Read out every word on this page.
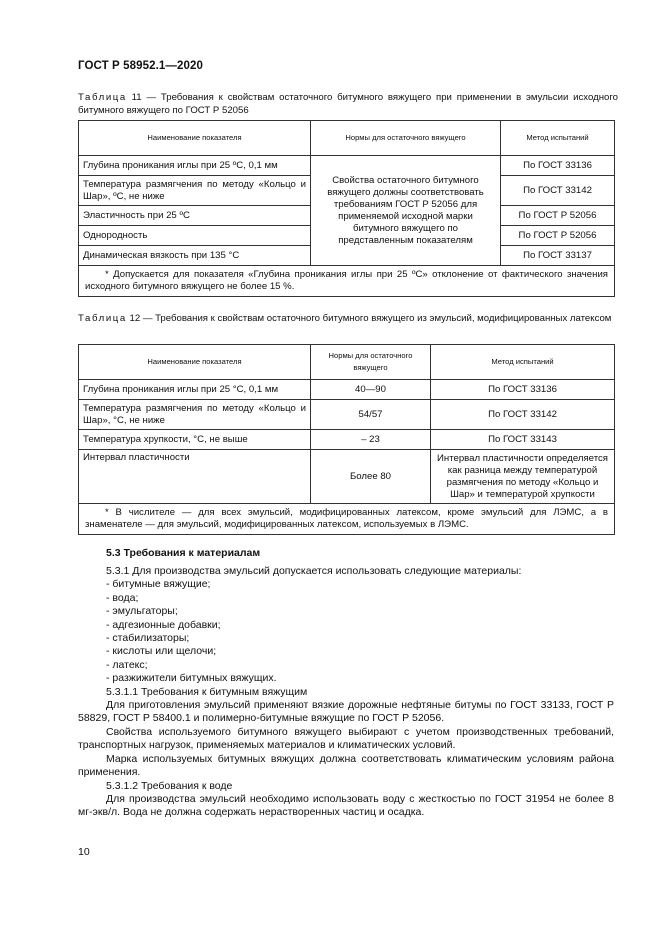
ГОСТ Р 58952.1—2020
Таблица 11 — Требования к свойствам остаточного битумного вяжущего при применении в эмульсии исходного битумного вяжущего по ГОСТ Р 52056
Наименование показателя	Нормы для остаточного вяжущего	Метод испытаний
Глубина проникания иглы при 25 ºС, 0,1 мм	Свойства остаточного битумного вяжущего должны соответствовать требованиям ГОСТ Р 52056 для применяемой исходной марки битумного вяжущего по представленным показателям	По ГОСТ 33136
Температура размягчения по методу «Кольцо и Шар», ºС, не ниже		По ГОСТ 33142
Эластичность при 25 ºС		По ГОСТ Р 52056
Однородность		По ГОСТ Р 52056
Динамическая вязкость при 135 °С		По ГОСТ 33137
* Допускается для показателя «Глубина проникания иглы при 25 ºС» отклонение от фактического значения исходного битумного вяжущего не более 15 %.		
Таблица 12 — Требования к свойствам остаточного битумного вяжущего из эмульсий, модифицированных латексом
Наименование показателя	Нормы для остаточного вяжущего	Метод испытаний
Глубина проникания иглы при 25 °С, 0,1 мм	40—90	По ГОСТ 33136
Температура размягчения по методу «Кольцо и Шар», °С, не ниже	54/57	По ГОСТ 33142
Температура хрупкости, °С, не выше	– 23	По ГОСТ 33143
Интервал пластичности	Более 80	Интервал пластичности определяется как разница между температурой размягчения по методу «Кольцо и Шар» и температурой хрупкости
* В числителе — для всех эмульсий, модифицированных латексом, кроме эмульсий для ЛЭМС, а в знаменателе — для эмульсий, модифицированных латексом, используемых в ЛЭМС.		
5.3 Требования к материалам

5.3.1 Для производства эмульсий допускается использовать следующие материалы:

- битумные вяжущие;

- вода;

- эмульгаторы;

- адгезионные добавки;

- стабилизаторы;

- кислоты или щелочи;

- латекс;

- разжижители битумных вяжущих.

5.3.1.1 Требования к битумным вяжущим

Для приготовления эмульсий применяют вязкие дорожные нефтяные битумы по ГОСТ 33133, ГОСТ Р 58829, ГОСТ Р 58400.1 и полимерно-битумные вяжущие по ГОСТ Р 52056.

Свойства используемого битумного вяжущего выбирают с учетом производственных требований, транспортных нагрузок, применяемых материалов и климатических условий.

Марка используемых битумных вяжущих должна соответствовать климатическим условиям района применения.

5.3.1.2 Требования к воде

Для производства эмульсий необходимо использовать воду с жесткостью по ГОСТ 31954 не более 8 мг-экв/л. Вода не должна содержать нерастворенных частиц и осадка.

10
